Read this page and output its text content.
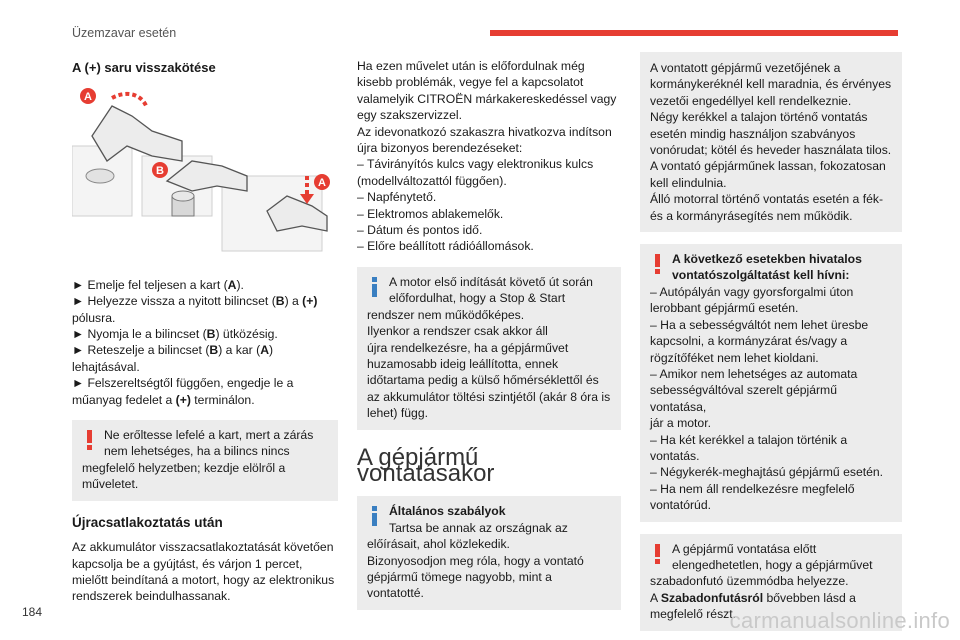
Üzemzavar esetén
A (+) saru visszakötése
A
B
A

► Emelje fel teljesen a kart (A).

► Helyezze vissza a nyitott bilincset (B) a (+)

pólusra.

► Nyomja le a bilincset (B) ütközésig.

► Reteszelje a bilincset (B) a kar (A)

lehajtásával.

► Felszereltségtől függően, engedje le a

műanyag fedelet a (+) terminálon.

Ne erőltesse lefelé a kart, mert a zárás
nem lehetséges, ha a bilincs nincs

megfelelő helyzetben; kezdje elölről a

műveletet.

Újracsatlakoztatás után

Az akkumulátor visszacsatlakoztatását követően

kapcsolja be a gyújtást, és várjon 1 percet,

mielőtt beindítaná a motort, hogy az elektronikus

rendszerek beindulhassanak.

Ha ezen művelet után is előfordulnak még

kisebb problémák, vegye fel a kapcsolatot

valamelyik CITROËN márkakereskedéssel vagy

egy szakszervizzel.

Az idevonatkozó szakaszra hivatkozva indítson

újra bizonyos berendezéseket:

– Távirányítós kulcs vagy elektronikus kulcs

(modellváltozattól függően).

– Napfénytető.

– Elektromos ablakemelők.

– Dátum és pontos idő.

– Előre beállított rádióállomások.

A motor első indítását követő út során
előfordulhat, hogy a Stop & Start

rendszer nem működőképes.

Ilyenkor a rendszer csak akkor áll

újra rendelkezésre, ha a gépjárművet

huzamosabb ideig leállította, ennek

időtartama pedig a külső hőmérséklettől és

az akkumulátor töltési szintjétől (akár 8 óra is

lehet) függ.

A gépjármű vontatásakor
Általános szabályok
Tartsa be annak az országnak az

előírásait, ahol közlekedik.

Bizonyosodjon meg róla, hogy a vontató

gépjármű tömege nagyobb, mint a vontatotté.

A vontatott gépjármű vezetőjének a

kormánykeréknél kell maradnia, és érvényes

vezetői engedéllyel kell rendelkeznie.

Négy kerékkel a talajon történő vontatás

esetén mindig használjon szabványos

vonórudat; kötél és heveder használata tilos.

A vontató gépjárműnek lassan, fokozatosan

kell elindulnia.

Álló motorral történő vontatás esetén a fék-

és a kormányrásegítés nem működik.

A következő esetekben hivatalos
vontatószolgáltatást kell hívni:

– Autópályán vagy gyorsforgalmi úton

lerobbant gépjármű esetén.

– Ha a sebességváltót nem lehet üresbe

kapcsolni, a kormányzárat és/vagy a

rögzítőféket nem lehet kioldani.

– Amikor nem lehetséges az automata

sebességváltóval szerelt gépjármű vontatása,

jár a motor.

– Ha két kerékkel a talajon történik a

vontatás.

– Négykerék-meghajtású gépjármű esetén.

– Ha nem áll rendelkezésre megfelelő

vontatórúd.

A gépjármű vontatása előtt
elengedhetetlen, hogy a gépjárművet

szabadonfutó üzemmódba helyezze.

A Szabadonfutásról bővebben lásd a

megfelelő részt.

184	carmanualsonline.info
